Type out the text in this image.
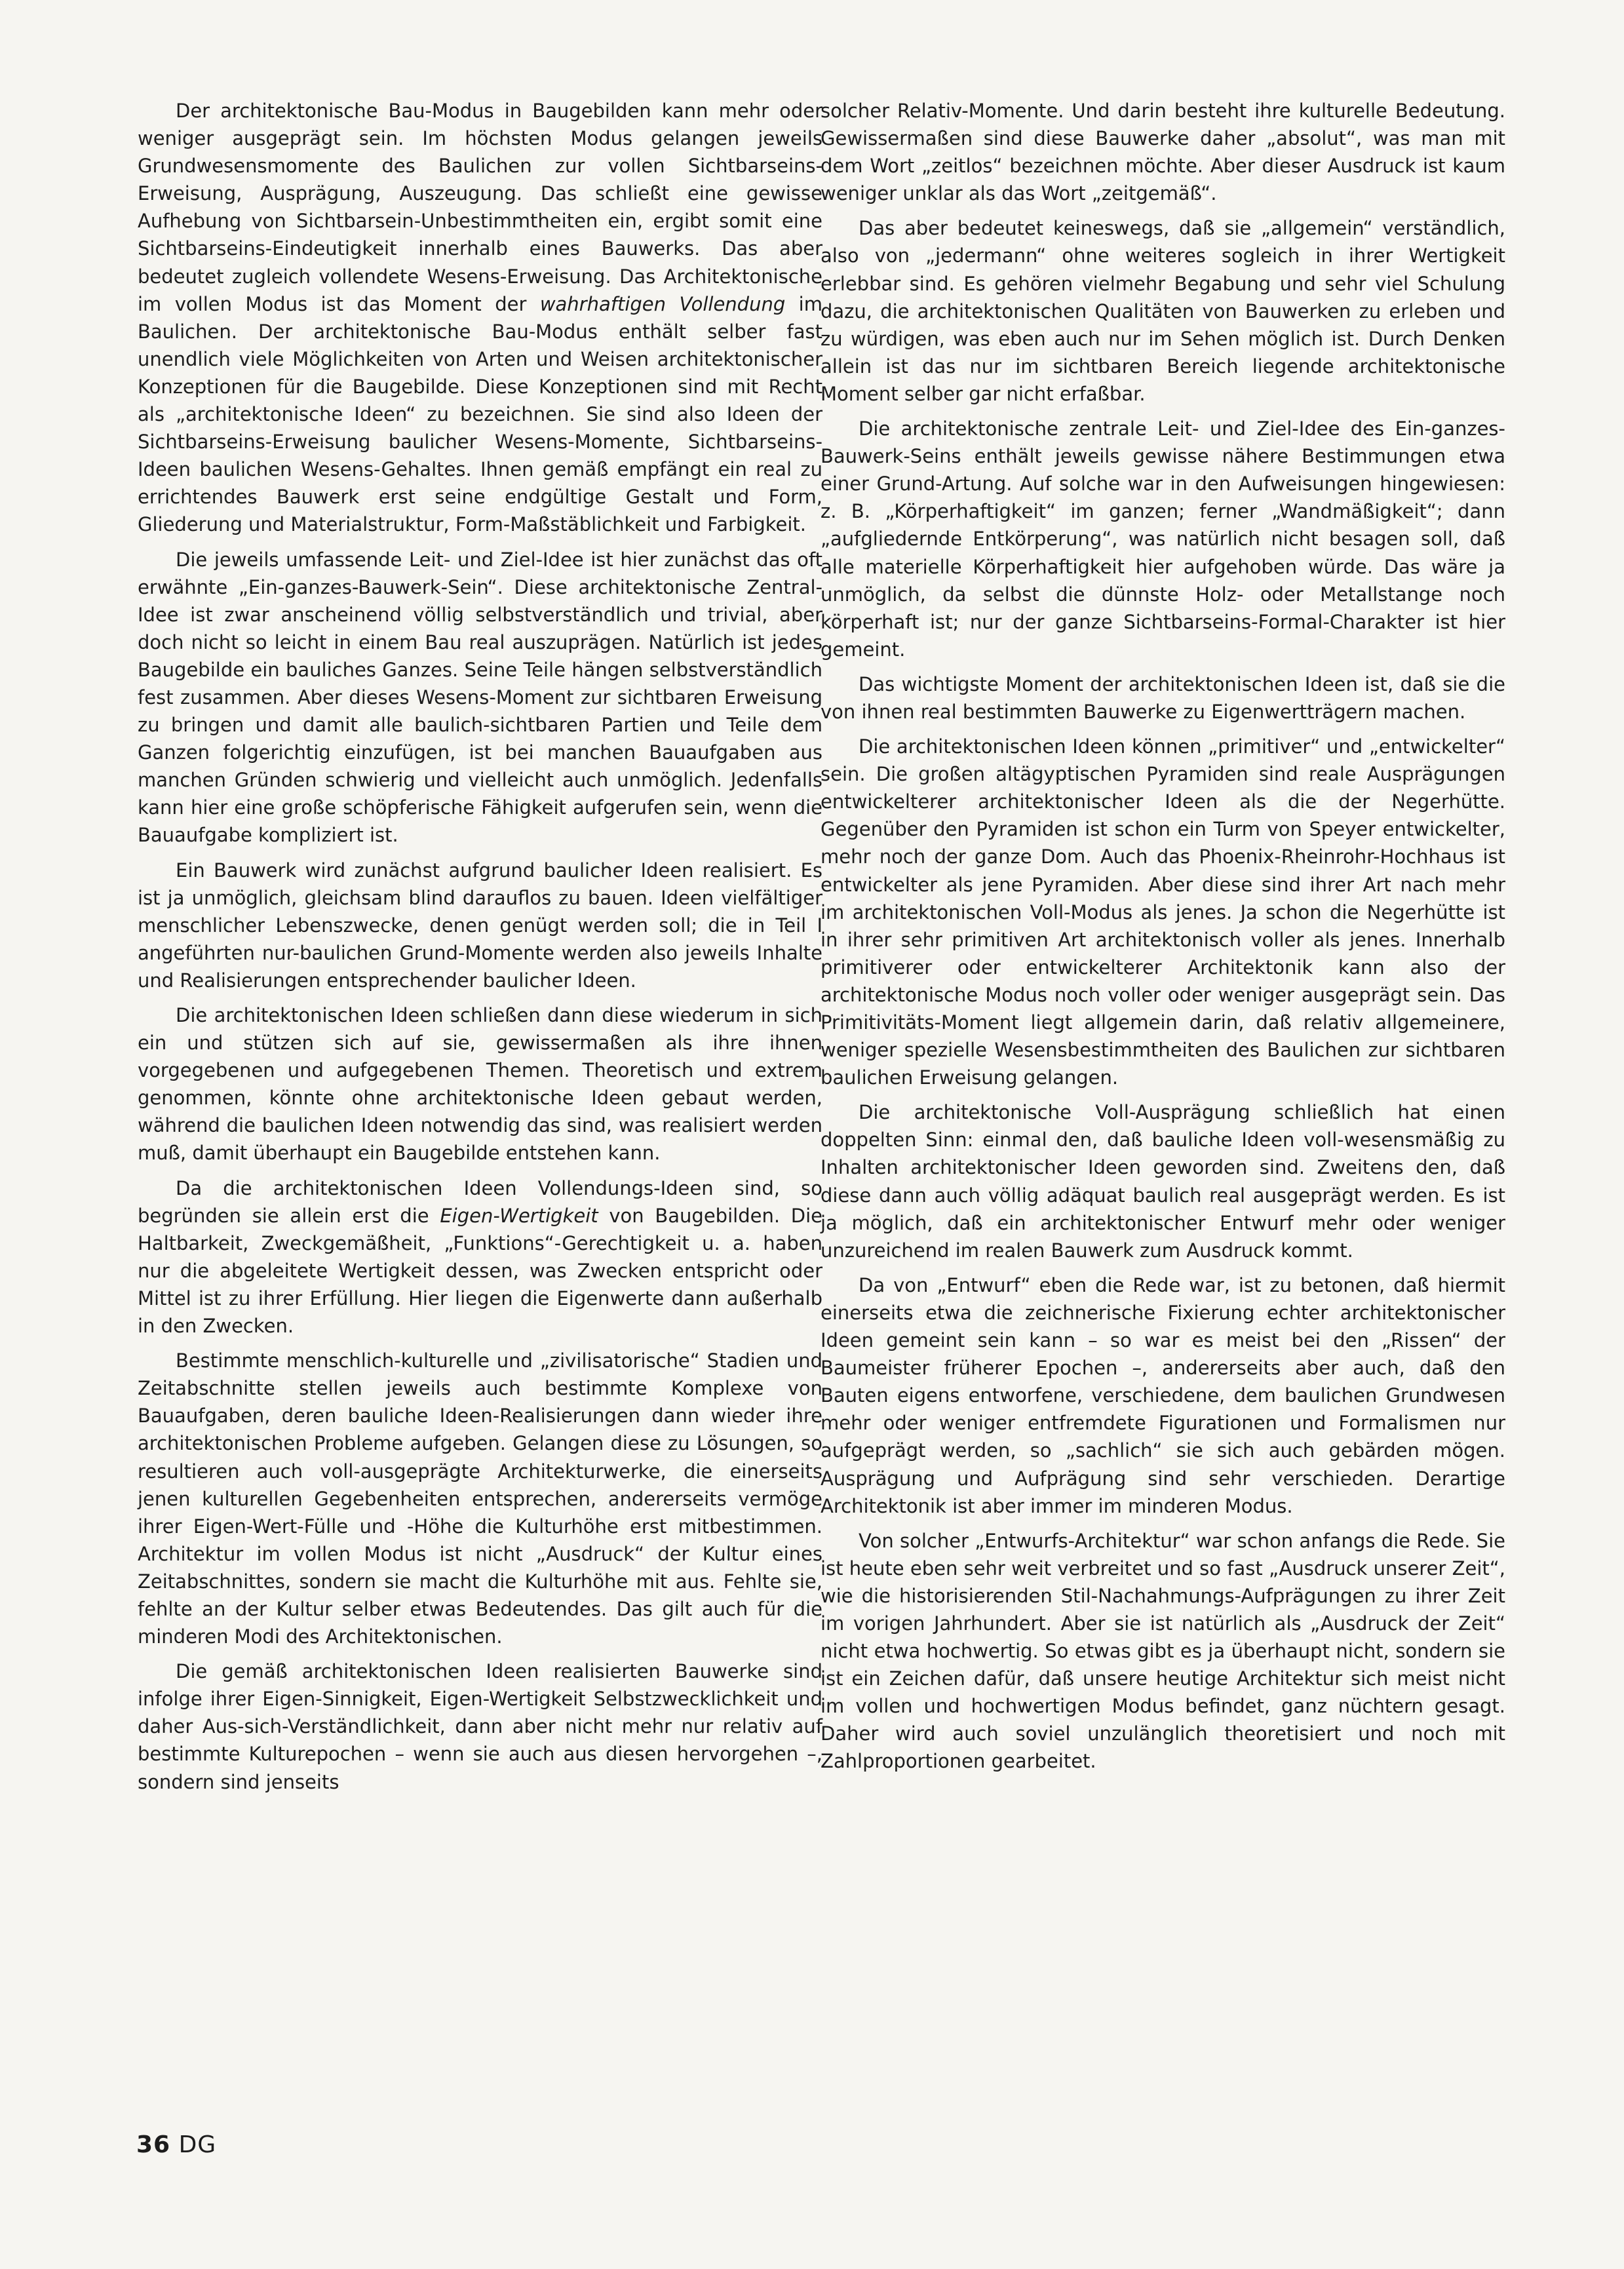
Der architektonische Bau-Modus in Baugebilden kann mehr oder weniger ausgeprägt sein. Im höchsten Modus gelangen jeweils Grundwesensmomente des Baulichen zur vollen Sichtbarseins-Erweisung, Ausprägung, Auszeugung. Das schließt eine gewisse Aufhebung von Sichtbarsein-Unbestimmtheiten ein, ergibt somit eine Sichtbarseins-Eindeutigkeit innerhalb eines Bauwerks. Das aber bedeutet zugleich vollendete Wesens-Erweisung. Das Architektonische im vollen Modus ist das Moment der wahrhaftigen Vollendung im Baulichen. Der architektonische Bau-Modus enthält selber fast unendlich viele Möglichkeiten von Arten und Weisen architektonischer Konzeptionen für die Baugebilde. Diese Konzeptionen sind mit Recht als „architektonische Ideen“ zu bezeichnen. Sie sind also Ideen der Sichtbarseins-Erweisung baulicher Wesens-Momente, Sichtbarseins-Ideen baulichen Wesens-Gehaltes. Ihnen gemäß empfängt ein real zu errichtendes Bauwerk erst seine endgültige Gestalt und Form, Gliederung und Materialstruktur, Form-Maßstäblichkeit und Farbigkeit.

Die jeweils umfassende Leit- und Ziel-Idee ist hier zunächst das oft erwähnte „Ein-ganzes-Bauwerk-Sein“. Diese architektonische Zentral-Idee ist zwar anscheinend völlig selbstverständlich und trivial, aber doch nicht so leicht in einem Bau real auszuprägen. Natürlich ist jedes Baugebilde ein bauliches Ganzes. Seine Teile hängen selbstverständlich fest zusammen. Aber dieses Wesens-Moment zur sichtbaren Erweisung zu bringen und damit alle baulich-sichtbaren Partien und Teile dem Ganzen folgerichtig einzufügen, ist bei manchen Bauaufgaben aus manchen Gründen schwierig und vielleicht auch unmöglich. Jedenfalls kann hier eine große schöpferische Fähigkeit aufgerufen sein, wenn die Bauaufgabe kompliziert ist.

Ein Bauwerk wird zunächst aufgrund baulicher Ideen realisiert. Es ist ja unmöglich, gleichsam blind darauflos zu bauen. Ideen vielfältiger menschlicher Lebenszwecke, denen genügt werden soll; die in Teil I angeführten nur-baulichen Grund-Momente werden also jeweils Inhalte und Realisierungen entsprechender baulicher Ideen.

Die architektonischen Ideen schließen dann diese wiederum in sich ein und stützen sich auf sie, gewissermaßen als ihre ihnen vorgegebenen und aufgegebenen Themen. Theoretisch und extrem genommen, könnte ohne architektonische Ideen gebaut werden, während die baulichen Ideen notwendig das sind, was realisiert werden muß, damit überhaupt ein Baugebilde entstehen kann.

Da die architektonischen Ideen Vollendungs-Ideen sind, so begründen sie allein erst die Eigen-Wertigkeit von Baugebilden. Die Haltbarkeit, Zweckgemäßheit, „Funktions“-Gerechtigkeit u. a. haben nur die abgeleitete Wertigkeit dessen, was Zwecken entspricht oder Mittel ist zu ihrer Erfüllung. Hier liegen die Eigenwerte dann außerhalb in den Zwecken.

Bestimmte menschlich-kulturelle und „zivilisatorische“ Stadien und Zeitabschnitte stellen jeweils auch bestimmte Komplexe von Bauaufgaben, deren bauliche Ideen-Realisierungen dann wieder ihre architektonischen Probleme aufgeben. Gelangen diese zu Lösungen, so resultieren auch voll-ausgeprägte Architekturwerke, die einerseits jenen kulturellen Gegebenheiten entsprechen, andererseits vermöge ihrer Eigen-Wert-Fülle und -Höhe die Kulturhöhe erst mitbestimmen. Architektur im vollen Modus ist nicht „Ausdruck“ der Kultur eines Zeitabschnittes, sondern sie macht die Kulturhöhe mit aus. Fehlte sie, fehlte an der Kultur selber etwas Bedeutendes. Das gilt auch für die minderen Modi des Architektonischen.

Die gemäß architektonischen Ideen realisierten Bauwerke sind infolge ihrer Eigen-Sinnigkeit, Eigen-Wertigkeit Selbstzwecklichkeit und daher Aus-sich-Verständlichkeit, dann aber nicht mehr nur relativ auf bestimmte Kulturepochen – wenn sie auch aus diesen hervorgehen –, sondern sind jenseits

solcher Relativ-Momente. Und darin besteht ihre kulturelle Bedeutung. Gewissermaßen sind diese Bauwerke daher „absolut“, was man mit dem Wort „zeitlos“ bezeichnen möchte. Aber dieser Ausdruck ist kaum weniger unklar als das Wort „zeitgemäß“.

Das aber bedeutet keineswegs, daß sie „allgemein“ verständlich, also von „jedermann“ ohne weiteres sogleich in ihrer Wertigkeit erlebbar sind. Es gehören vielmehr Begabung und sehr viel Schulung dazu, die architektonischen Qualitäten von Bauwerken zu erleben und zu würdigen, was eben auch nur im Sehen möglich ist. Durch Denken allein ist das nur im sichtbaren Bereich liegende architektonische Moment selber gar nicht erfaßbar.

Die architektonische zentrale Leit- und Ziel-Idee des Ein-ganzes-Bauwerk-Seins enthält jeweils gewisse nähere Bestimmungen etwa einer Grund-Artung. Auf solche war in den Aufweisungen hingewiesen: z. B. „Körperhaftigkeit“ im ganzen; ferner „Wandmäßigkeit“; dann „aufgliedernde Entkörperung“, was natürlich nicht besagen soll, daß alle materielle Körperhaftigkeit hier aufgehoben würde. Das wäre ja unmöglich, da selbst die dünnste Holz- oder Metallstange noch körperhaft ist; nur der ganze Sichtbarseins-Formal-Charakter ist hier gemeint.

Das wichtigste Moment der architektonischen Ideen ist, daß sie die von ihnen real bestimmten Bauwerke zu Eigenwertträgern machen.

Die architektonischen Ideen können „primitiver“ und „entwickelter“ sein. Die großen altägyptischen Pyramiden sind reale Ausprägungen entwickelterer architektonischer Ideen als die der Negerhütte. Gegenüber den Pyramiden ist schon ein Turm von Speyer entwickelter, mehr noch der ganze Dom. Auch das Phoenix-Rheinrohr-Hochhaus ist entwickelter als jene Pyramiden. Aber diese sind ihrer Art nach mehr im architektonischen Voll-Modus als jenes. Ja schon die Negerhütte ist in ihrer sehr primitiven Art architektonisch voller als jenes. Innerhalb primitiverer oder entwickelterer Architektonik kann also der architektonische Modus noch voller oder weniger ausgeprägt sein. Das Primitivitäts-Moment liegt allgemein darin, daß relativ allgemeinere, weniger spezielle Wesensbestimmtheiten des Baulichen zur sichtbaren baulichen Erweisung gelangen.

Die architektonische Voll-Ausprägung schließlich hat einen doppelten Sinn: einmal den, daß bauliche Ideen voll-wesensmäßig zu Inhalten architektonischer Ideen geworden sind. Zweitens den, daß diese dann auch völlig adäquat baulich real ausgeprägt werden. Es ist ja möglich, daß ein architektonischer Entwurf mehr oder weniger unzureichend im realen Bauwerk zum Ausdruck kommt.

Da von „Entwurf“ eben die Rede war, ist zu betonen, daß hiermit einerseits etwa die zeichnerische Fixierung echter architektonischer Ideen gemeint sein kann – so war es meist bei den „Rissen“ der Baumeister früherer Epochen –, andererseits aber auch, daß den Bauten eigens entworfene, verschiedene, dem baulichen Grundwesen mehr oder weniger entfremdete Figurationen und Formalismen nur aufgeprägt werden, so „sachlich“ sie sich auch gebärden mögen. Ausprägung und Aufprägung sind sehr verschieden. Derartige Architektonik ist aber immer im minderen Modus.

Von solcher „Entwurfs-Architektur“ war schon anfangs die Rede. Sie ist heute eben sehr weit verbreitet und so fast „Ausdruck unserer Zeit“, wie die historisierenden Stil-Nachahmungs-Aufprägungen zu ihrer Zeit im vorigen Jahrhundert. Aber sie ist natürlich als „Ausdruck der Zeit“ nicht etwa hochwertig. So etwas gibt es ja überhaupt nicht, sondern sie ist ein Zeichen dafür, daß unsere heutige Architektur sich meist nicht im vollen und hochwertigen Modus befindet, ganz nüchtern gesagt. Daher wird auch soviel unzulänglich theoretisiert und noch mit Zahlproportionen gearbeitet.

36 DG
